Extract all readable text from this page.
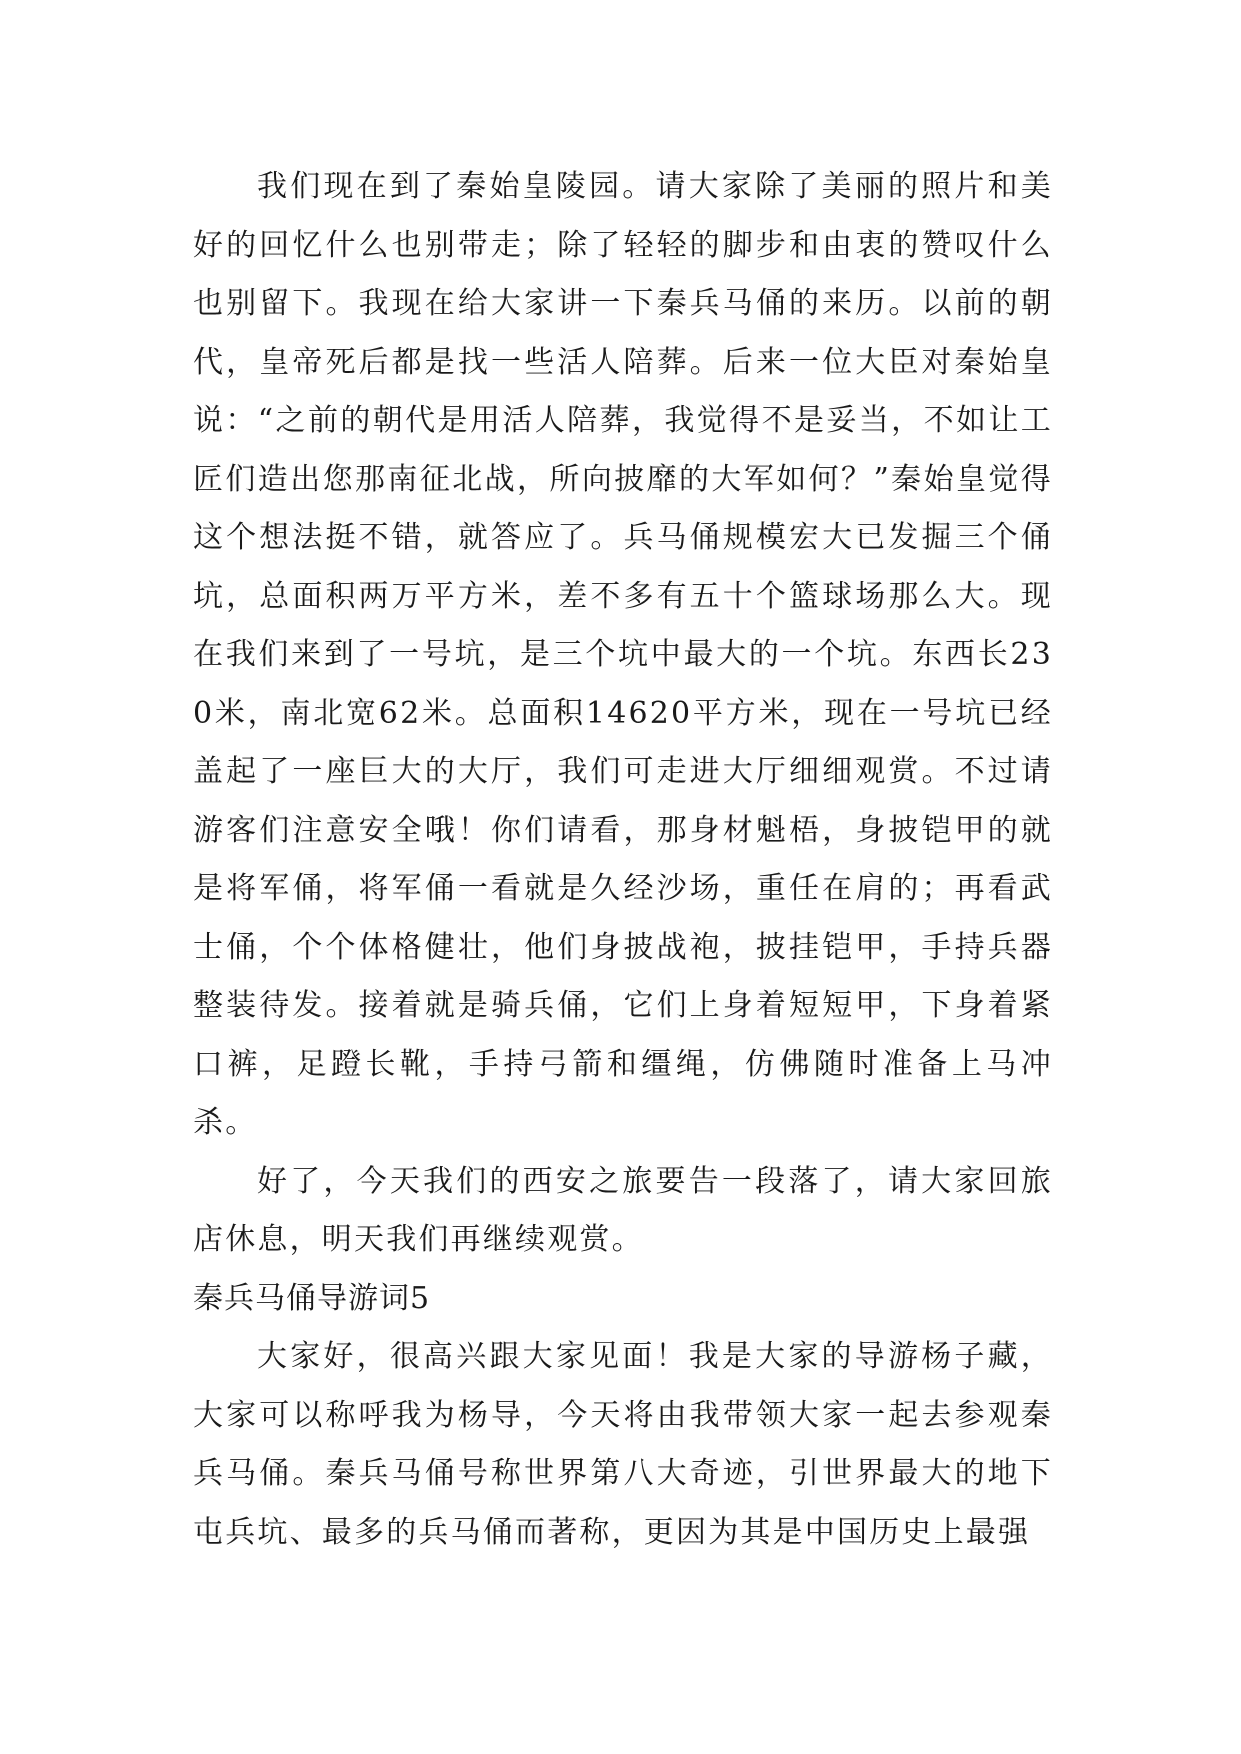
我们现在到了秦始皇陵园。请大家除了美丽的照片和美好的回忆什么也别带走；除了轻轻的脚步和由衷的赞叹什么也别留下。我现在给大家讲一下秦兵马俑的来历。以前的朝代，皇帝死后都是找一些活人陪葬。后来一位大臣对秦始皇说：“之前的朝代是用活人陪葬，我觉得不是妥当，不如让工匠们造出您那南征北战，所向披靡的大军如何？”秦始皇觉得这个想法挺不错，就答应了。兵马俑规模宏大已发掘三个俑坑，总面积两万平方米，差不多有五十个篮球场那么大。现在我们来到了一号坑，是三个坑中最大的一个坑。东西长230米，南北宽62米。总面积14620平方米，现在一号坑已经盖起了一座巨大的大厅，我们可走进大厅细细观赏。不过请游客们注意安全哦！你们请看，那身材魁梧，身披铠甲的就是将军俑，将军俑一看就是久经沙场，重任在肩的；再看武士俑，个个体格健壮，他们身披战袍，披挂铠甲，手持兵器整装待发。接着就是骑兵俑，它们上身着短短甲，下身着紧口裤，足蹬长靴，手持弓箭和缰绳，仿佛随时准备上马冲杀。

好了，今天我们的西安之旅要告一段落了，请大家回旅店休息，明天我们再继续观赏。

秦兵马俑导游词5

大家好，很高兴跟大家见面！我是大家的导游杨子藏，大家可以称呼我为杨导，今天将由我带领大家一起去参观秦兵马俑。秦兵马俑号称世界第八大奇迹，引世界最大的地下屯兵坑、最多的兵马俑而著称，更因为其是中国历史上最强
